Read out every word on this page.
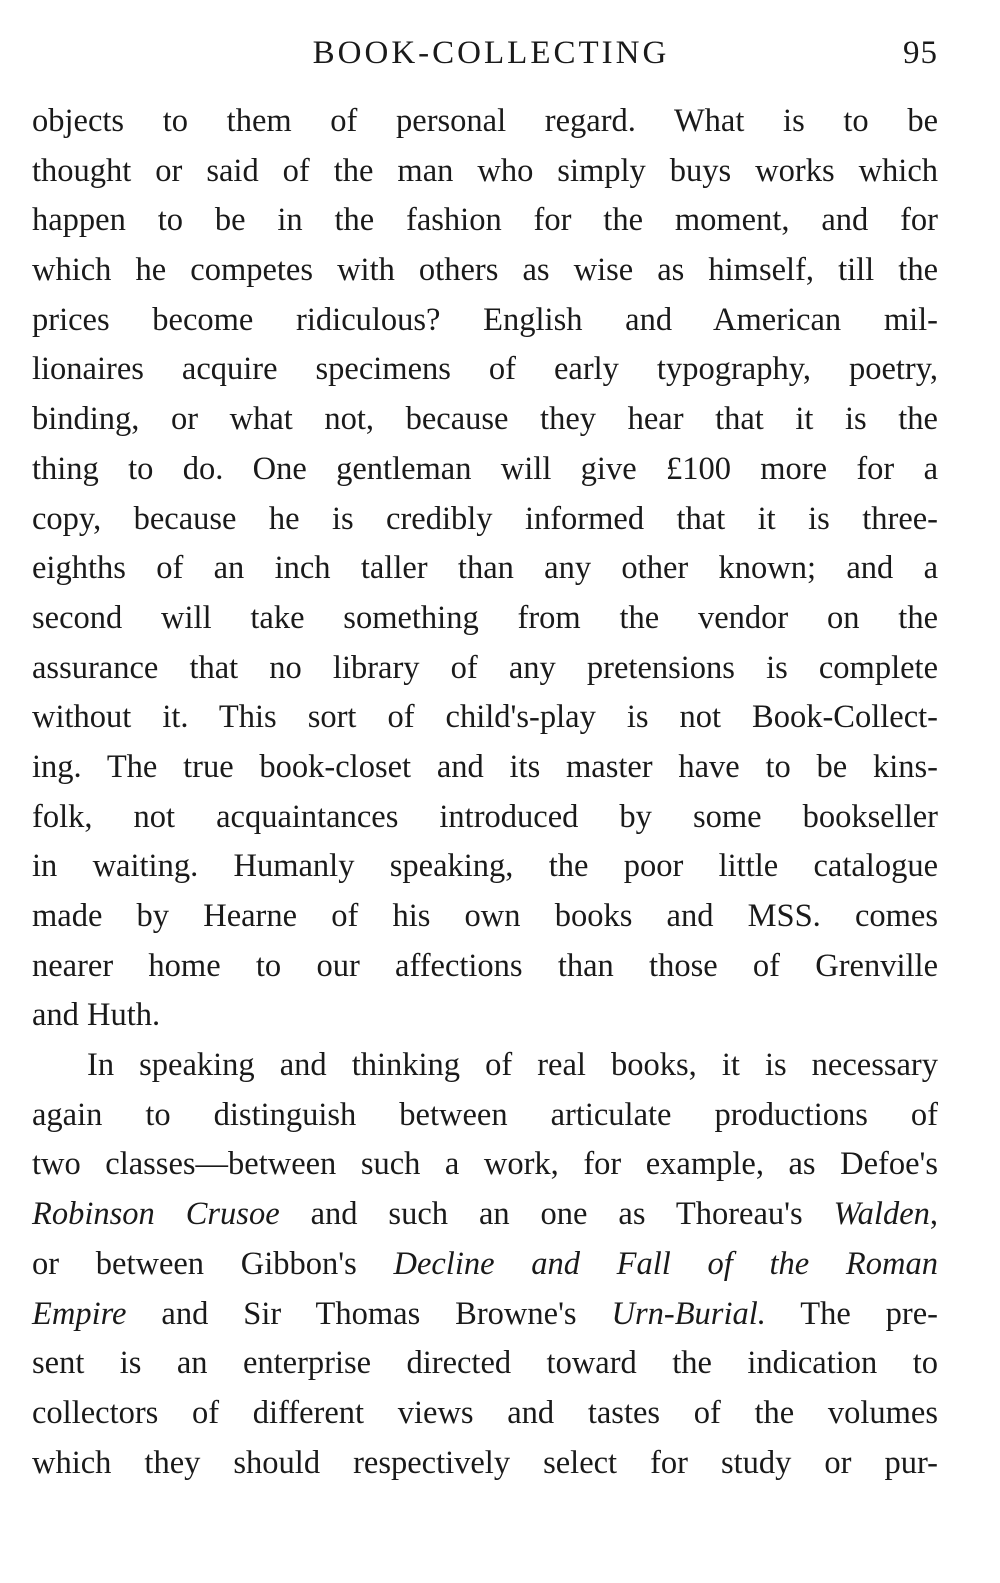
BOOK-COLLECTING	95
objects to them of personal regard. What is to be
thought or said of the man who simply buys works which
happen to be in the fashion for the moment, and for
which he competes with others as wise as himself, till the
prices become ridiculous? English and American mil-
lionaires acquire specimens of early typography, poetry,
binding, or what not, because they hear that it is the
thing to do. One gentleman will give £100 more for a
copy, because he is credibly informed that it is three-
eighths of an inch taller than any other known; and a
second will take something from the vendor on the
assurance that no library of any pretensions is complete
without it. This sort of child's-play is not Book-Collect-
ing. The true book-closet and its master have to be kins-
folk, not acquaintances introduced by some bookseller
in waiting. Humanly speaking, the poor little catalogue
made by Hearne of his own books and MSS. comes
nearer home to our affections than those of Grenville
and Huth.
In speaking and thinking of real books, it is necessary
again to distinguish between articulate productions of
two classes—between such a work, for example, as Defoe's
Robinson Crusoe and such an one as Thoreau's Walden,
or between Gibbon's Decline and Fall of the Roman
Empire and Sir Thomas Browne's Urn-Burial. The pre-
sent is an enterprise directed toward the indication to
collectors of different views and tastes of the volumes
which they should respectively select for study or pur-
